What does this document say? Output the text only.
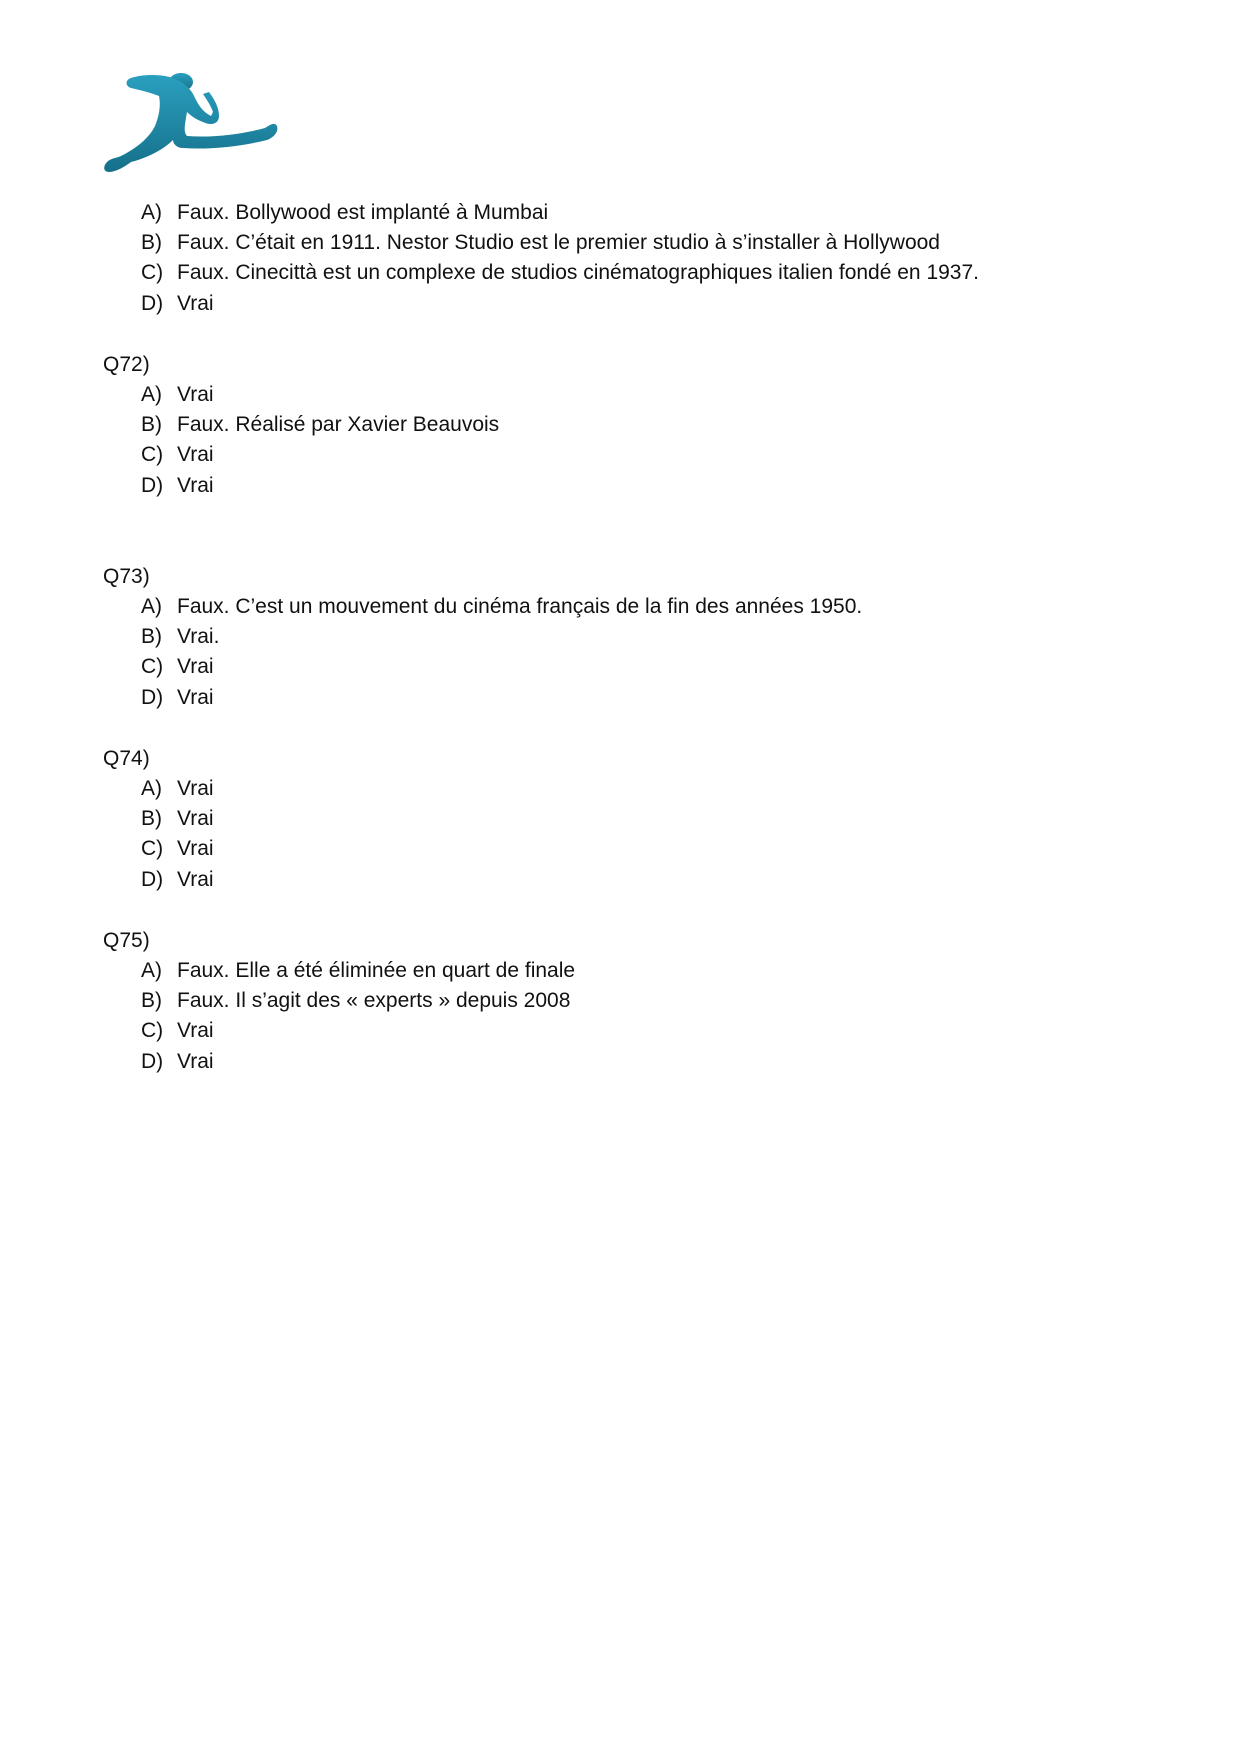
A) Faux. Bollywood est implanté à Mumbai
B) Faux. C’était en 1911. Nestor Studio est le premier studio à s’installer à Hollywood
C) Faux. Cinecittà est un complexe de studios cinématographiques italien fondé en 1937.
D) Vrai
Q72)
A) Vrai
B) Faux. Réalisé par Xavier Beauvois
C) Vrai
D) Vrai
Q73)
A) Faux. C’est un mouvement du cinéma français de la fin des années 1950.
B) Vrai.
C) Vrai
D) Vrai
Q74)
A) Vrai
B) Vrai
C) Vrai
D) Vrai
Q75)
A) Faux. Elle a été éliminée en quart de finale
B) Faux. Il s’agit des « experts » depuis 2008
C) Vrai
D) Vrai
